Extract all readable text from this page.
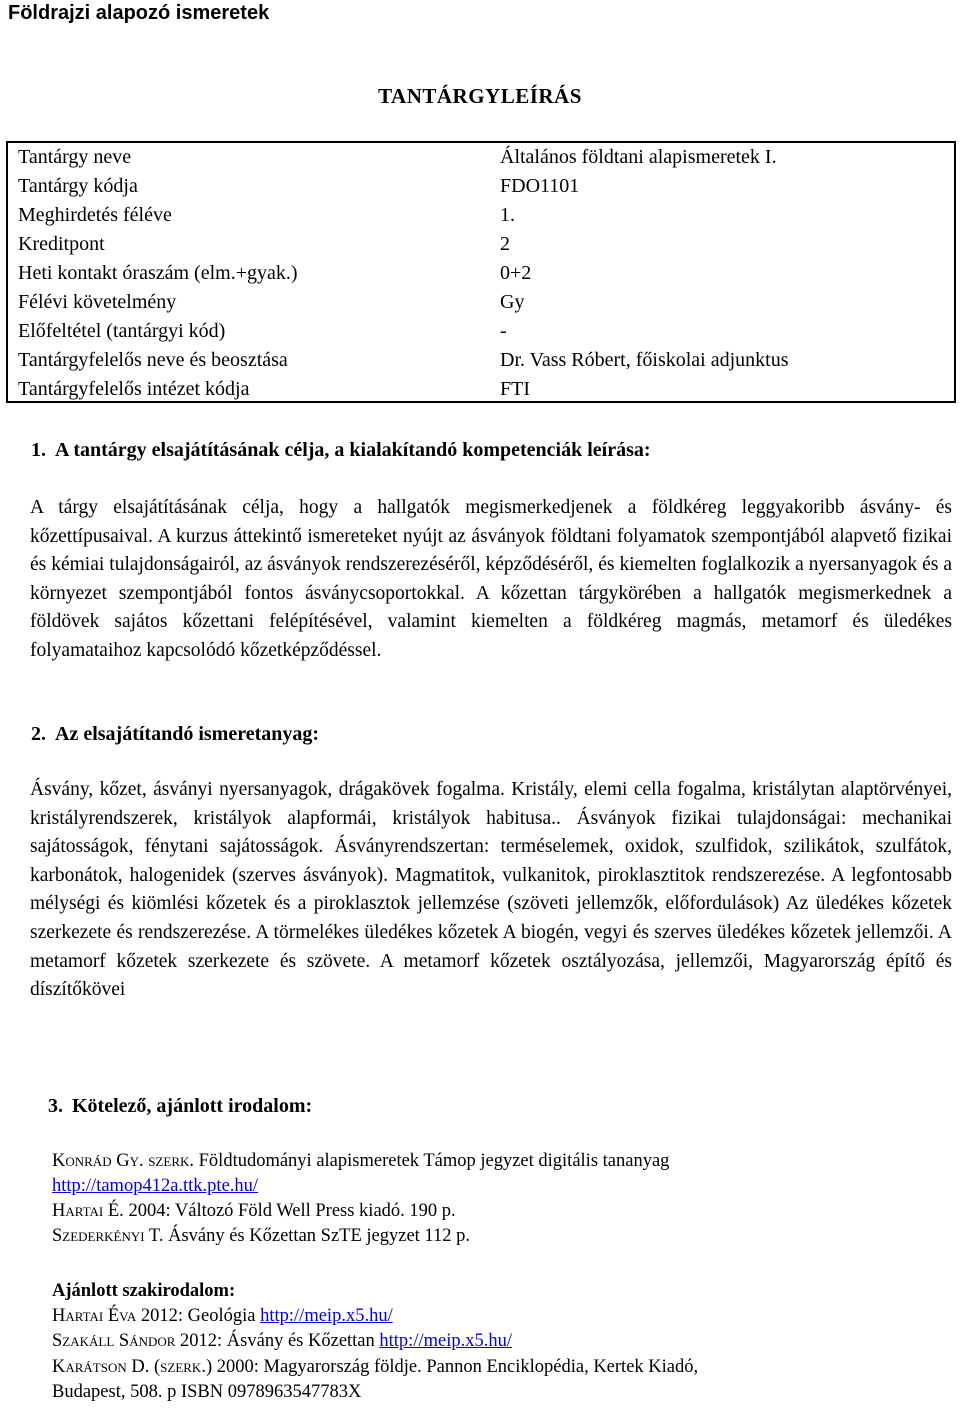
Földrajzi alapozó ismeretek
TANTÁRGYLEÍRÁS
Tantárgy neve	Általános földtani alapismeretek I.
Tantárgy kódja	FDO1101
Meghirdetés féléve	1.
Kreditpont	2
Heti kontakt óraszám (elm.+gyak.)	0+2
Félévi követelmény	Gy
Előfeltétel (tantárgyi kód)	-
Tantárgyfelelős neve és beosztása	Dr. Vass Róbert, főiskolai adjunktus
Tantárgyfelelős intézet kódja	FTI
1. A tantárgy elsajátításának célja, a kialakítandó kompetenciák leírása:
A tárgy elsajátításának célja, hogy a hallgatók megismerkedjenek a földkéreg leggyakoribb ásvány- és kőzettípusaival. A kurzus áttekintő ismereteket nyújt az ásványok földtani folyamatok szempontjából alapvető fizikai és kémiai tulajdonságairól, az ásványok rendszerezéséről, képződéséről, és kiemelten foglalkozik a nyersanyagok és a környezet szempontjából fontos ásványcsoportokkal. A kőzettan tárgykörében a hallgatók megismerkednek a földövek sajátos kőzettani felépítésével, valamint kiemelten a földkéreg magmás, metamorf és üledékes folyamataihoz kapcsolódó kőzetképződéssel.
2. Az elsajátítandó ismeretanyag:
Ásvány, kőzet, ásványi nyersanyagok, drágakövek fogalma. Kristály, elemi cella fogalma, kristálytan alaptörvényei, kristályrendszerek, kristályok alapformái, kristályok habitusa.. Ásványok fizikai tulajdonságai: mechanikai sajátosságok, fénytani sajátosságok. Ásványrendszertan: terméselemek, oxidok, szulfidok, szilikátok, szulfátok, karbonátok, halogenidek (szerves ásványok). Magmatitok, vulkanitok, piroklasztitok rendszerezése. A legfontosabb mélységi és kiömlési kőzetek és a piroklasztok jellemzése (szöveti jellemzők, előfordulások) Az üledékes kőzetek szerkezete és rendszerezése. A törmelékes üledékes kőzetek A biogén, vegyi és szerves üledékes kőzetek jellemzői. A metamorf kőzetek szerkezete és szövete. A metamorf kőzetek osztályozása, jellemzői, Magyarország építő és díszítőkövei
3. Kötelező, ajánlott irodalom:
Konrád Gy. szerk. Földtudományi alapismeretek Támop jegyzet digitális tananyag
http://tamop412a.ttk.pte.hu/
Hartai É. 2004: Változó Föld Well Press kiadó. 190 p.
Szederkényi T. Ásvány és Kőzettan SzTE jegyzet 112 p.
Ajánlott szakirodalom:
Hartai Éva 2012: Geológia http://meip.x5.hu/
Szakáll Sándor 2012: Ásvány és Kőzettan http://meip.x5.hu/
Karátson D. (szerk.) 2000: Magyarország földje. Pannon Enciklopédia, Kertek Kiadó,
Budapest, 508. p ISBN 0978963547783X
